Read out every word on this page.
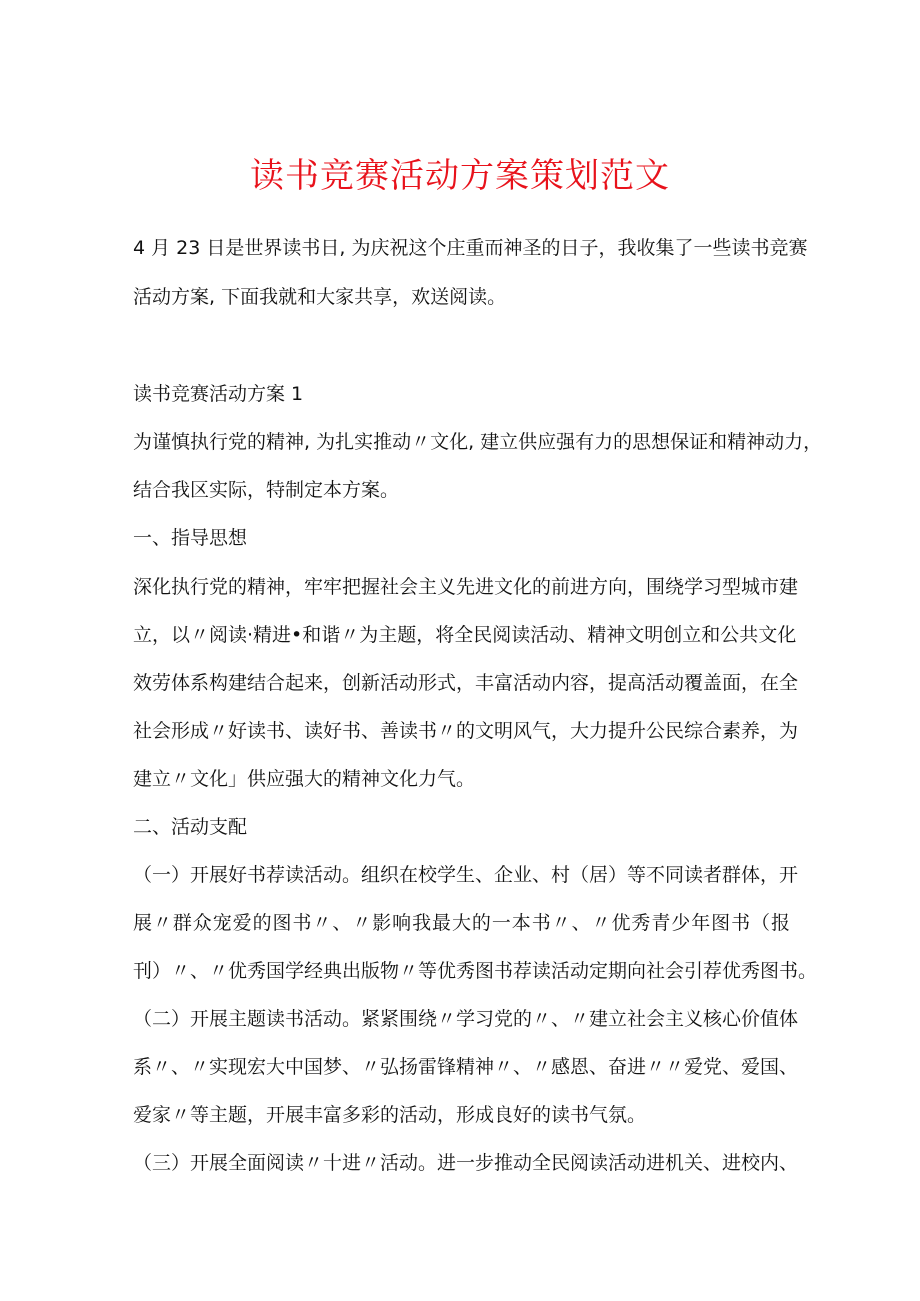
读书竞赛活动方案策划范文
4 月 23 日是世界读书日, 为庆祝这个庄重而神圣的日子，我收集了一些读书竞赛
活动方案, 下面我就和大家共享，欢送阅读。
读书竞赛活动方案 1
为谨慎执行党的精神, 为扎实推动〃文化, 建立供应强有力的思想保证和精神动力，
结合我区实际，特制定本方案。
一、指导思想
深化执行党的精神，牢牢把握社会主义先进文化的前进方向，围绕学习型城市建
立，以〃阅读·精进•和谐〃为主题，将全民阅读活动、精神文明创立和公共文化
效劳体系构建结合起来，创新活动形式，丰富活动内容，提高活动覆盖面，在全
社会形成〃好读书、读好书、善读书〃的文明风气，大力提升公民综合素养，为
建立〃文化」供应强大的精神文化力气。
二、活动支配
（一）开展好书荐读活动。组织在校学生、企业、村（居）等不同读者群体，开
展〃群众宠爱的图书〃、〃影响我最大的一本书〃、〃优秀青少年图书（报
刊）〃、〃优秀国学经典出版物〃等优秀图书荐读活动定期向社会引荐优秀图书。
（二）开展主题读书活动。紧紧围绕〃学习党的〃、〃建立社会主义核心价值体
系〃、〃实现宏大中国梦、〃弘扬雷锋精神〃、〃感恩、奋进〃〃爱党、爱国、
爱家〃等主题，开展丰富多彩的活动，形成良好的读书气氛。
（三）开展全面阅读〃十进〃活动。进一步推动全民阅读活动进机关、进校内、
